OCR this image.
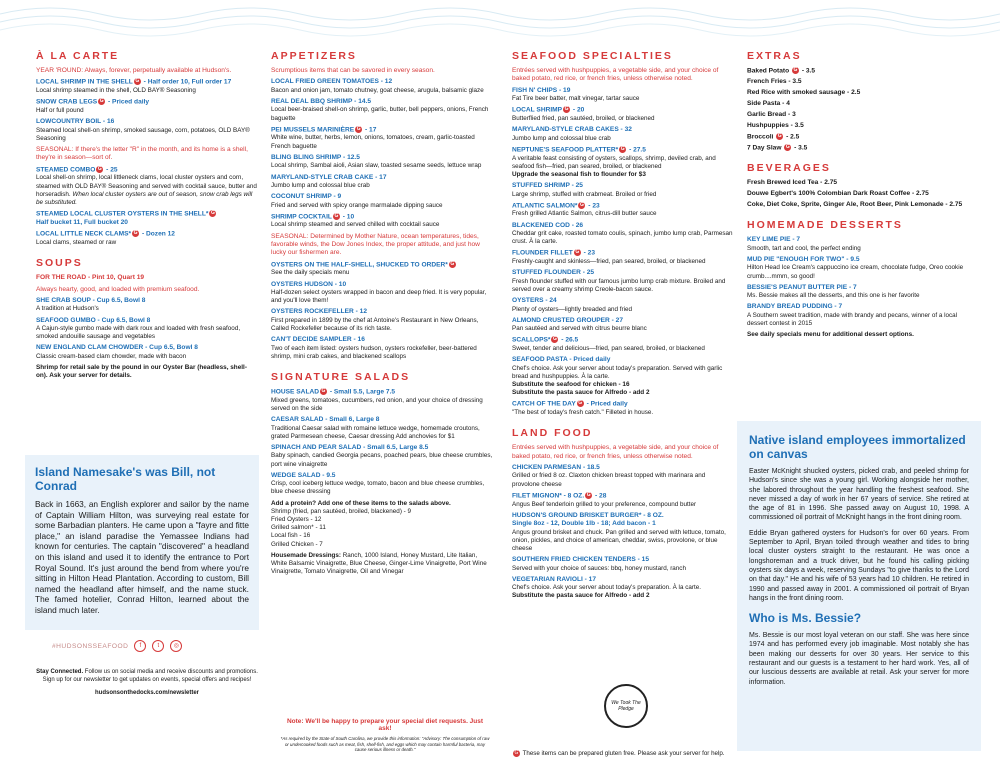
À LA CARTE
YEAR 'ROUND: Always, forever, perpetually available at Hudson's.
LOCAL SHRIMP IN THE SHELL G - Half order 10, Full order 17
Local shrimp steamed in the shell, OLD BAY® Seasoning
SNOW CRAB LEGS G - Priced daily
Half or full pound
LOWCOUNTRY BOIL - 16
Steamed local shell-on shrimp, smoked sausage, corn, potatoes, OLD BAY® Seasoning
SEASONAL: If there's the letter "R" in the month, and its home is a shell, they're in season—sort of.
STEAMED COMBO G - 25
Local shell-on shrimp, local littleneck clams, local cluster oysters and corn, steamed with OLD BAY® Seasoning and served with cocktail sauce, butter and horseradish. When local cluster oysters are out of season, snow crab legs will be substituted.
STEAMED LOCAL CLUSTER OYSTERS IN THE SHELL* G
Half bucket 11, Full bucket 20
LOCAL LITTLE NECK CLAMS* G - Dozen 12
Local clams, steamed or raw
SOUPS
FOR THE ROAD - Pint 10, Quart 19
Always hearty, good, and loaded with premium seafood.
SHE CRAB SOUP - Cup 6.5, Bowl 8
A tradition at Hudson's
SEAFOOD GUMBO - Cup 6.5, Bowl 8
A Cajun-style gumbo made with dark roux and loaded with fresh seafood, smoked andouille sausage and vegetables
NEW ENGLAND CLAM CHOWDER - Cup 6.5, Bowl 8
Classic cream-based clam chowder, made with bacon
Shrimp for retail sale by the pound in our Oyster Bar (headless, shell-on). Ask your server for details.
Island Namesake's was Bill, not Conrad
Back in 1663, an English explorer and sailor by the name of Captain William Hilton, was surveying real estate for some Barbadian planters. He came upon a "fayre and fitte place," an island paradise the Yemassee Indians had known for centuries. The captain "discovered" a headland on this island and used it to identify the entrance to Port Royal Sound. It's just around the bend from where you're sitting in Hilton Head Plantation. According to custom, Bill named the headland after himself, and the name stuck. The famed hotelier, Conrad Hilton, learned about the island much later.
#HUDSONSSEAFOOD	f	t	◎

Stay Connected. Follow us on social media and receive discounts and promotions. Sign up for our newsletter to get updates on events, special offers and recipes!

hudsonsonthedocks.com/newsletter

APPETIZERS
Scrumptious items that can be savored in every season.
LOCAL FRIED GREEN TOMATOES - 12
Bacon and onion jam, tomato chutney, goat cheese, arugula, balsamic glaze
REAL DEAL BBQ SHRIMP - 14.5
Local beer-braised shell-on shrimp, garlic, butter, bell peppers, onions, French baguette
PEI MUSSELS MARINIÈRE G - 17
White wine, butter, herbs, lemon, onions, tomatoes, cream, garlic-toasted French baguette
BLING BLING SHRIMP - 12.5
Local shrimp, Sambal aioli, Asian slaw, toasted sesame seeds, lettuce wrap
MARYLAND-STYLE CRAB CAKE - 17
Jumbo lump and colossal blue crab
COCONUT SHRIMP - 9
Fried and served with spicy orange marmalade dipping sauce
SHRIMP COCKTAIL G - 10
Local shrimp steamed and served chilled with cocktail sauce
SEASONAL: Determined by Mother Nature, ocean temperatures, tides, favorable winds, the Dow Jones Index, the proper attitude, and just how lucky our fishermen are.
OYSTERS ON THE HALF-SHELL, SHUCKED TO ORDER* G
See the daily specials menu
OYSTERS HUDSON - 10
Half-dozen select oysters wrapped in bacon and deep fried. It is very popular, and you'll love them!
OYSTERS ROCKEFELLER - 12
First prepared in 1899 by the chef at Antoine's Restaurant in New Orleans, Called Rockefeller because of its rich taste.
CAN'T DECIDE SAMPLER - 16
Two of each item listed: oysters hudson, oysters rockefeller, beer-battered shrimp, mini crab cakes, and blackened scallops
SIGNATURE SALADS
HOUSE SALAD G - Small 5.5, Large 7.5
Mixed greens, tomatoes, cucumbers, red onion, and your choice of dressing served on the side
CAESAR SALAD - Small 6, Large 8
Traditional Caesar salad with romaine lettuce wedge, homemade croutons, grated Parmesean cheese, Caesar dressing Add anchovies for $1
SPINACH AND PEAR SALAD - Small 6.5, Large 8.5
Baby spinach, candied Georgia pecans, poached pears, blue cheese crumbles, port wine vinaigrette
WEDGE SALAD - 9.5
Crisp, cool iceberg lettuce wedge, tomato, bacon and blue cheese crumbles, blue cheese dressing
Add a protein? Add one of these items to the salads above.
Shrimp (fried, pan sautéed, broiled, blackened) - 9
Fried Oysters - 12
Grilled salmon* - 11
Local fish - 16
Grilled Chicken - 7
Housemade Dressings: Ranch, 1000 Island, Honey Mustard, Lite Italian, White Balsamic Vinaigrette, Blue Cheese, Ginger-Lime Vinaigrette, Port Wine Vinaigrette, Tomato Vinaigrette, Oil and Vinegar
Note: We'll be happy to prepare your special diet requests. Just ask!
*As required by the State of South Carolina, we provide this information: "Advisory: The consumption of raw or undercooked foods such as meat, fish, shell-fish, and eggs which may contain harmful bacteria, may cause serious illness or death."
SEAFOOD SPECIALTIES
Entrées served with hushpuppies, a vegetable side, and your choice of baked potato, red rice, or french fries, unless otherwise noted.
FISH N' CHIPS - 19
Fat Tire beer batter, malt vinegar, tartar sauce
LOCAL SHRIMP G - 20
Butterflied fried, pan sautéed, broiled, or blackened
MARYLAND-STYLE CRAB CAKES - 32
Jumbo lump and colossal blue crab
NEPTUNE'S SEAFOOD PLATTER* G - 27.5
A veritable feast consisting of oysters, scallops, shrimp, deviled crab, and seafood fish—fried, pan seared, broiled, or blackened
Upgrade the seasonal fish to flounder for $3
STUFFED SHRIMP - 25
Large shrimp, stuffed with crabmeat. Broiled or fried
ATLANTIC SALMON* G - 23
Fresh grilled Atlantic Salmon, citrus-dill butter sauce
BLACKENED COD - 26
Cheddar grit cake, roasted tomato coulis, spinach, jumbo lump crab, Parmesan crust. À la carte.
FLOUNDER FILLET G - 23
Freshly-caught and skinless—fried, pan seared, broiled, or blackened
STUFFED FLOUNDER - 25
Fresh flounder stuffed with our famous jumbo lump crab mixture. Broiled and served over a creamy shrimp Creole-bacon sauce.
OYSTERS - 24
Plenty of oysters—lightly breaded and fried
ALMOND CRUSTED GROUPER - 27
Pan sautéed and served with citrus beurre blanc
SCALLOPS* G - 26.5
Sweet, tender and delicious—fried, pan seared, broiled, or blackened
SEAFOOD PASTA - Priced daily
Chef's choice. Ask your server about today's preparation. Served with garlic bread and hushpuppies. À la carte.
Substitute the seafood for chicken - 16
Substitute the pasta sauce for Alfredo - add 2
CATCH OF THE DAY G - Priced daily
"The best of today's fresh catch." Filleted in house.
LAND FOOD
Entrées served with hushpuppies, a vegetable side, and your choice of baked potato, red rice, or french fries, unless otherwise noted.
CHICKEN PARMESAN - 18.5
Grilled or fried 8 oz. Claxton chicken breast topped with marinara and provolone cheese
FILET MIGNON* - 8 OZ. G - 28
Angus Beef tenderloin grilled to your preference, compound butter
HUDSON'S GROUND BRISKET BURGER* - 8 OZ.
Single 8oz - 12, Double 1lb - 18; Add bacon - 1
Angus ground brisket and chuck. Pan grilled and served with lettuce, tomato, onion, pickles, and choice of american, cheddar, swiss, provolone, or blue cheese
SOUTHERN FRIED CHICKEN TENDERS - 15
Served with your choice of sauces: bbq, honey mustard, ranch
VEGETARIAN RAVIOLI - 17
Chef's choice. Ask your server about today's preparation. À la carte.
Substitute the pasta sauce for Alfredo - add 2
We Took The Pledge
G These items can be prepared gluten free. Please ask your server for help.
EXTRAS
Baked Potato G - 3.5
French Fries - 3.5
Red Rice with smoked sausage - 2.5
Side Pasta - 4
Garlic Bread - 3
Hushpuppies - 3.5
Broccoli G - 2.5
7 Day Slaw G - 3.5
BEVERAGES
Fresh Brewed Iced Tea - 2.75
Douwe Egbert's 100% Colombian Dark Roast Coffee - 2.75
Coke, Diet Coke, Sprite, Ginger Ale, Root Beer, Pink Lemonade - 2.75
HOMEMADE DESSERTS
KEY LIME PIE - 7
Smooth, tart and cool, the perfect ending
MUD PIE "ENOUGH FOR TWO" - 9.5
Hilton Head Ice Cream's cappuccino ice cream, chocolate fudge, Oreo cookie crumb....mmm, so good!
BESSIE'S PEANUT BUTTER PIE - 7
Ms. Bessie makes all the desserts, and this one is her favorite
BRANDY BREAD PUDDING - 7
A Southern sweet tradition, made with brandy and pecans, winner of a local dessert contest in 2015
See daily specials menu for additional dessert options.
Native island employees immortalized on canvas
Easter McKnight shucked oysters, picked crab, and peeled shrimp for Hudson's since she was a young girl. Working alongside her mother, she labored throughout the year handling the freshest seafood. She never missed a day of work in her 67 years of service. She retired at the age of 81 in 1996. She passed away on August 10, 1998. A commissioned oil portrait of McKnight hangs in the front dining room.
Eddie Bryan gathered oysters for Hudson's for over 60 years. From September to April, Bryan toiled through weather and tides to bring local cluster oysters straight to the restaurant. He was once a longshoreman and a truck driver, but he found his calling picking oysters six days a week, reserving Sundays "to give thanks to the Lord on that day." He and his wife of 53 years had 10 children. He retired in 1990 and passed away in 2001. A commissioned oil portrait of Bryan hangs in the front dining room.
Who is Ms. Bessie?
Ms. Bessie is our most loyal veteran on our staff. She was here since 1974 and has performed every job imaginable. Most notably she has been making our desserts for over 30 years. Her service to this restaurant and our guests is a testament to her hard work. Yes, all of our luscious desserts are available at retail. Ask your server for more information.
